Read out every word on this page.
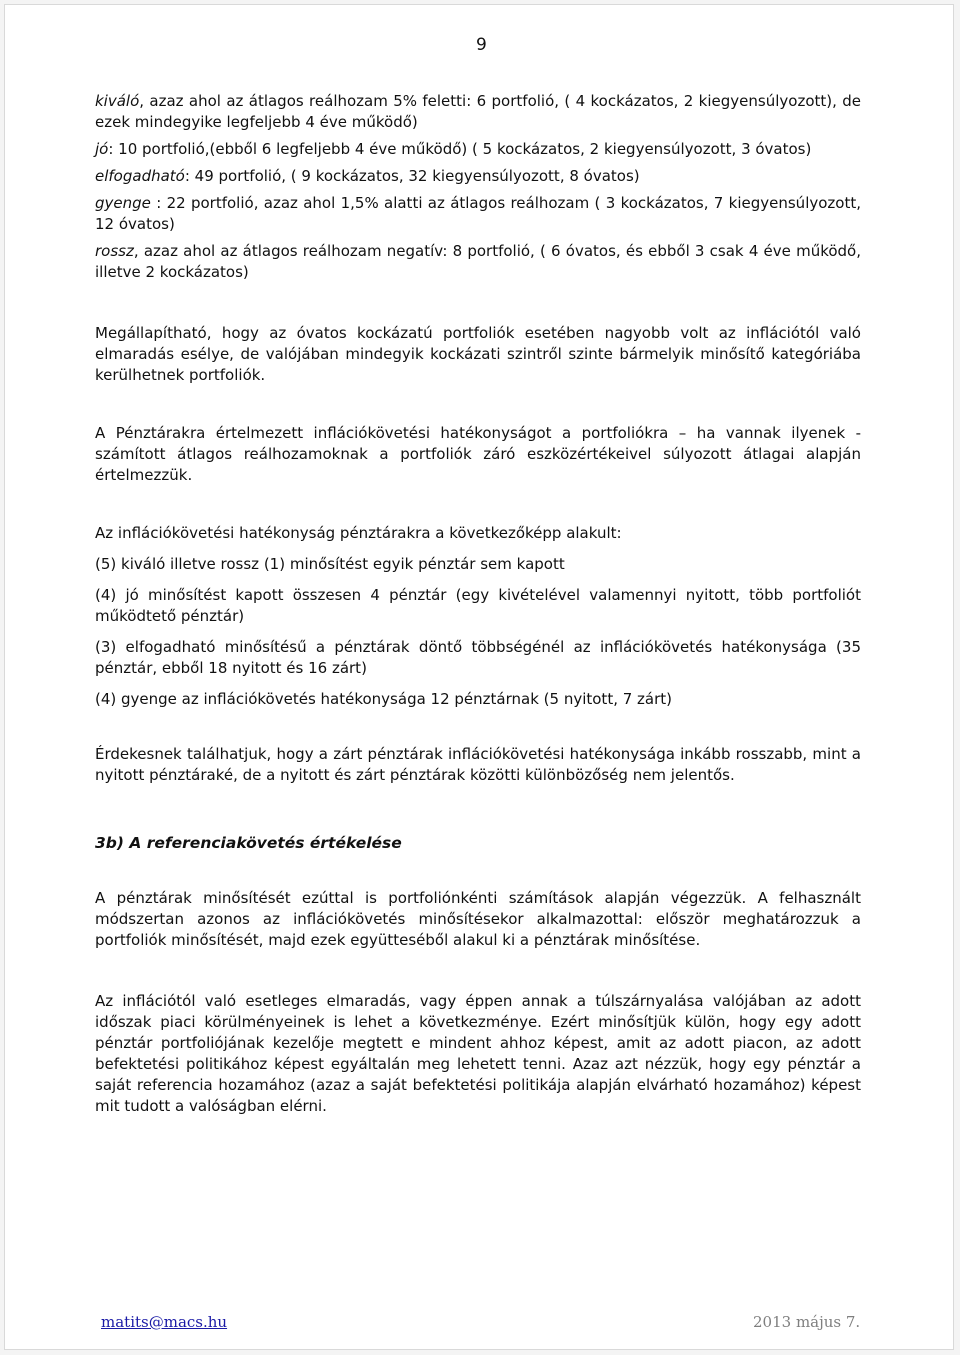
9

kiváló, azaz ahol az átlagos reálhozam 5% feletti: 6 portfolió, ( 4 kockázatos, 2 kiegyensúlyozott), de ezek mindegyike legfeljebb 4 éve működő)

jó: 10 portfolió,(ebből 6 legfeljebb 4 éve működő) ( 5 kockázatos, 2 kiegyensúlyozott, 3 óvatos)

elfogadható: 49 portfolió, ( 9 kockázatos, 32 kiegyensúlyozott, 8 óvatos)

gyenge : 22 portfolió, azaz ahol 1,5% alatti az átlagos reálhozam ( 3 kockázatos, 7 kiegyensúlyozott, 12 óvatos)

rossz, azaz ahol az átlagos reálhozam negatív: 8 portfolió, ( 6 óvatos, és ebből 3 csak 4 éve működő, illetve 2 kockázatos)

Megállapítható, hogy az óvatos kockázatú portfoliók esetében nagyobb volt az inflációtól való elmaradás esélye, de valójában mindegyik kockázati szintről szinte bármelyik minősítő kategóriába kerülhetnek portfoliók.

A Pénztárakra értelmezett inflációkövetési hatékonyságot a portfoliókra – ha vannak ilyenek - számított átlagos reálhozamoknak a portfoliók záró eszközértékeivel súlyozott átlagai alapján értelmezzük.

Az inflációkövetési hatékonyság pénztárakra a következőképp alakult:

(5) kiváló illetve rossz (1) minősítést egyik pénztár sem kapott

(4) jó minősítést kapott összesen 4 pénztár (egy kivételével valamennyi nyitott, több portfoliót működtető pénztár)

(3) elfogadható minősítésű a pénztárak döntő többségénél az inflációkövetés hatékonysága (35 pénztár, ebből 18 nyitott és 16 zárt)

(4) gyenge az inflációkövetés hatékonysága 12 pénztárnak (5 nyitott, 7 zárt)

Érdekesnek találhatjuk, hogy a zárt pénztárak inflációkövetési hatékonysága inkább rosszabb, mint a nyitott pénztáraké, de a nyitott és zárt pénztárak közötti különbözőség nem jelentős.

3b) A referenciakövetés értékelése

A pénztárak minősítését ezúttal is portfoliónkénti számítások alapján végezzük. A felhasznált módszertan azonos az inflációkövetés minősítésekor alkalmazottal: először meghatározzuk a portfoliók minősítését, majd ezek együtteséből alakul ki a pénztárak minősítése.

Az inflációtól való esetleges elmaradás, vagy éppen annak a túlszárnyalása valójában az adott időszak piaci körülményeinek is lehet a következménye. Ezért minősítjük külön, hogy egy adott pénztár portfoliójának kezelője megtett e mindent ahhoz képest, amit az adott piacon, az adott befektetési politikához képest egyáltalán meg lehetett tenni. Azaz azt nézzük, hogy egy pénztár a saját referencia hozamához (azaz a saját befektetési politikája alapján elvárható hozamához) képest mit tudott a valóságban elérni.

matits@macs.hu	2013 május 7.
